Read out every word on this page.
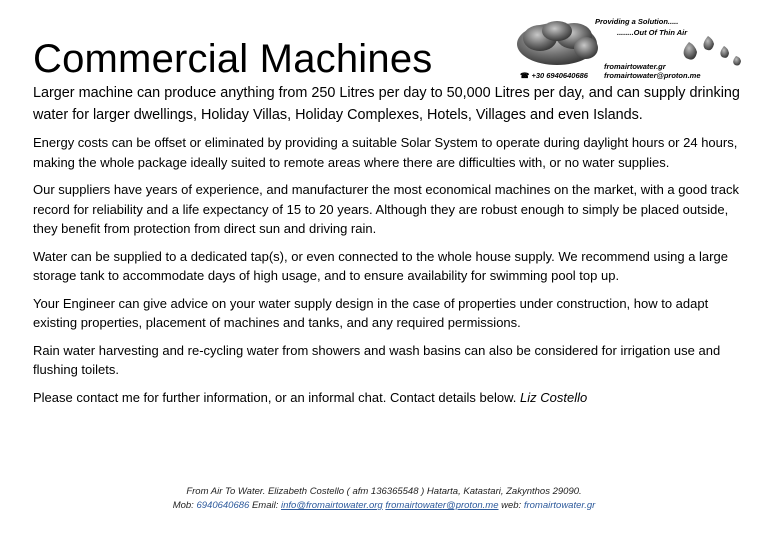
Commercial Machines
Providing a Solution.....
........Out Of Thin Air
fromairtowater.gr
fromairtowater@proton.me
☎ +30 6940640686

Larger machine can produce anything from 250 Litres per day to 50,000 Litres per day, and can supply drinking water for larger dwellings, Holiday Villas, Holiday Complexes, Hotels, Villages and even Islands.

Energy costs can be offset or eliminated by providing a suitable Solar System to operate during daylight hours or 24 hours, making the whole package ideally suited to remote areas where there are difficulties with, or no water supplies.

Our suppliers have years of experience, and manufacturer the most economical machines on the market, with a good track record for reliability and a life expectancy of 15 to 20 years. Although they are robust enough to simply be placed outside, they benefit from protection from direct sun and driving rain.

Water can be supplied to a dedicated tap(s), or even connected to the whole house supply. We recommend using a large storage tank to accommodate days of high usage, and to ensure availability for swimming pool top up.

Your Engineer can give advice on your water supply design in the case of properties under construction, how to adapt existing properties, placement of machines and tanks, and any required permissions.

Rain water harvesting and re-cycling water from showers and wash basins can also be considered for irrigation use and flushing toilets.

Please contact me for further information, or an informal chat. Contact details below. Liz Costello

From Air To Water. Elizabeth Costello ( afm 136365548 ) Hatarta, Katastari, Zakynthos 29090.
Mob: 6940640686 Email: info@fromairtowater.org fromairtowater@proton.me web: fromairtowater.gr
